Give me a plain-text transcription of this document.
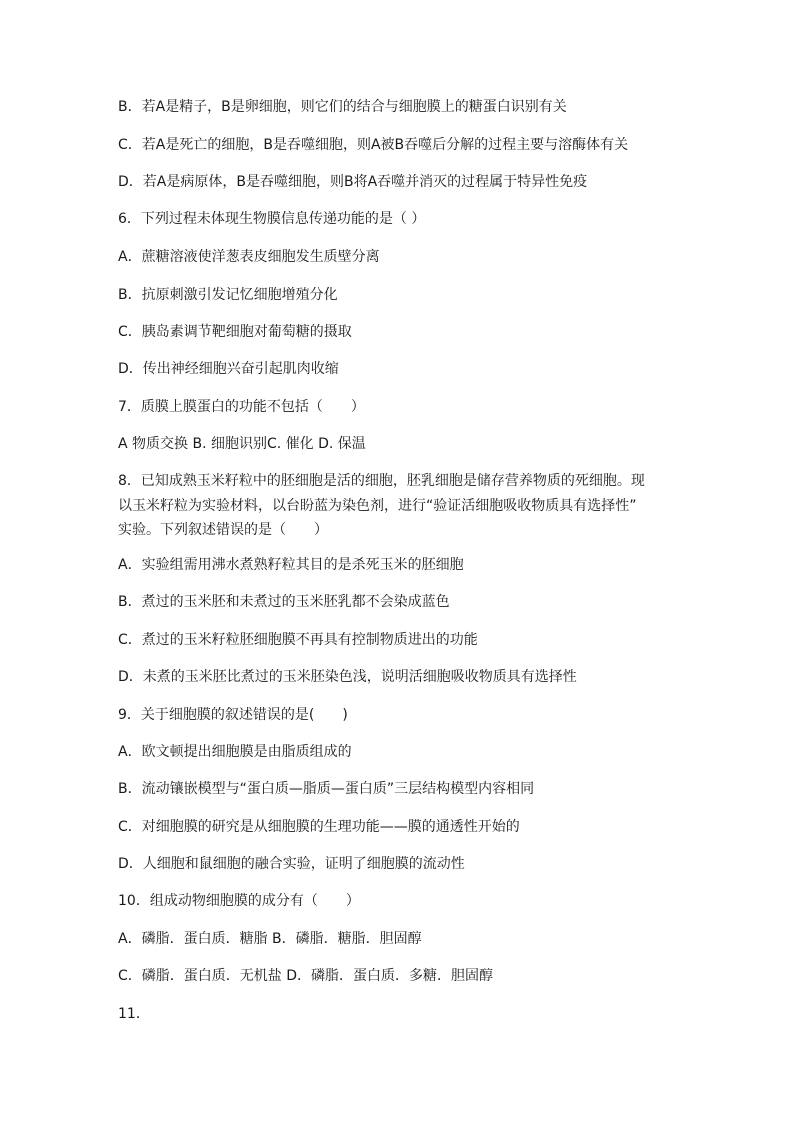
B．若A是精子，B是卵细胞，则它们的结合与细胞膜上的糖蛋白识别有关
C．若A是死亡的细胞，B是吞噬细胞，则A被B吞噬后分解的过程主要与溶酶体有关
D．若A是病原体，B是吞噬细胞，则B将A吞噬并消灭的过程属于特异性免疫
6．下列过程未体现生物膜信息传递功能的是（ ）
A．蔗糖溶液使洋葱表皮细胞发生质壁分离
B．抗原刺激引发记忆细胞增殖分化
C．胰岛素调节靶细胞对葡萄糖的摄取
D．传出神经细胞兴奋引起肌肉收缩
7．质膜上膜蛋白的功能不包括（　　）
A 物质交换 B. 细胞识别C. 催化 D. 保温
8．已知成熟玉米籽粒中的胚细胞是活的细胞，胚乳细胞是储存营养物质的死细胞。现
以玉米籽粒为实验材料，以台盼蓝为染色剂，进行“验证活细胞吸收物质具有选择性”
实验。下列叙述错误的是（　　）
A．实验组需用沸水煮熟籽粒其目的是杀死玉米的胚细胞
B．煮过的玉米胚和未煮过的玉米胚乳都不会染成蓝色
C．煮过的玉米籽粒胚细胞膜不再具有控制物质进出的功能
D．未煮的玉米胚比煮过的玉米胚染色浅，说明活细胞吸收物质具有选择性
9．关于细胞膜的叙述错误的是(　　)
A．欧文顿提出细胞膜是由脂质组成的
B．流动镶嵌模型与“蛋白质—脂质—蛋白质”三层结构模型内容相同
C．对细胞膜的研究是从细胞膜的生理功能——膜的通透性开始的
D．人细胞和鼠细胞的融合实验，证明了细胞膜的流动性
10．组成动物细胞膜的成分有（　　）
A．磷脂．蛋白质．糖脂 B．磷脂．糖脂．胆固醇
C．磷脂．蛋白质．无机盐 D．磷脂．蛋白质．多糖．胆固醇
11．
